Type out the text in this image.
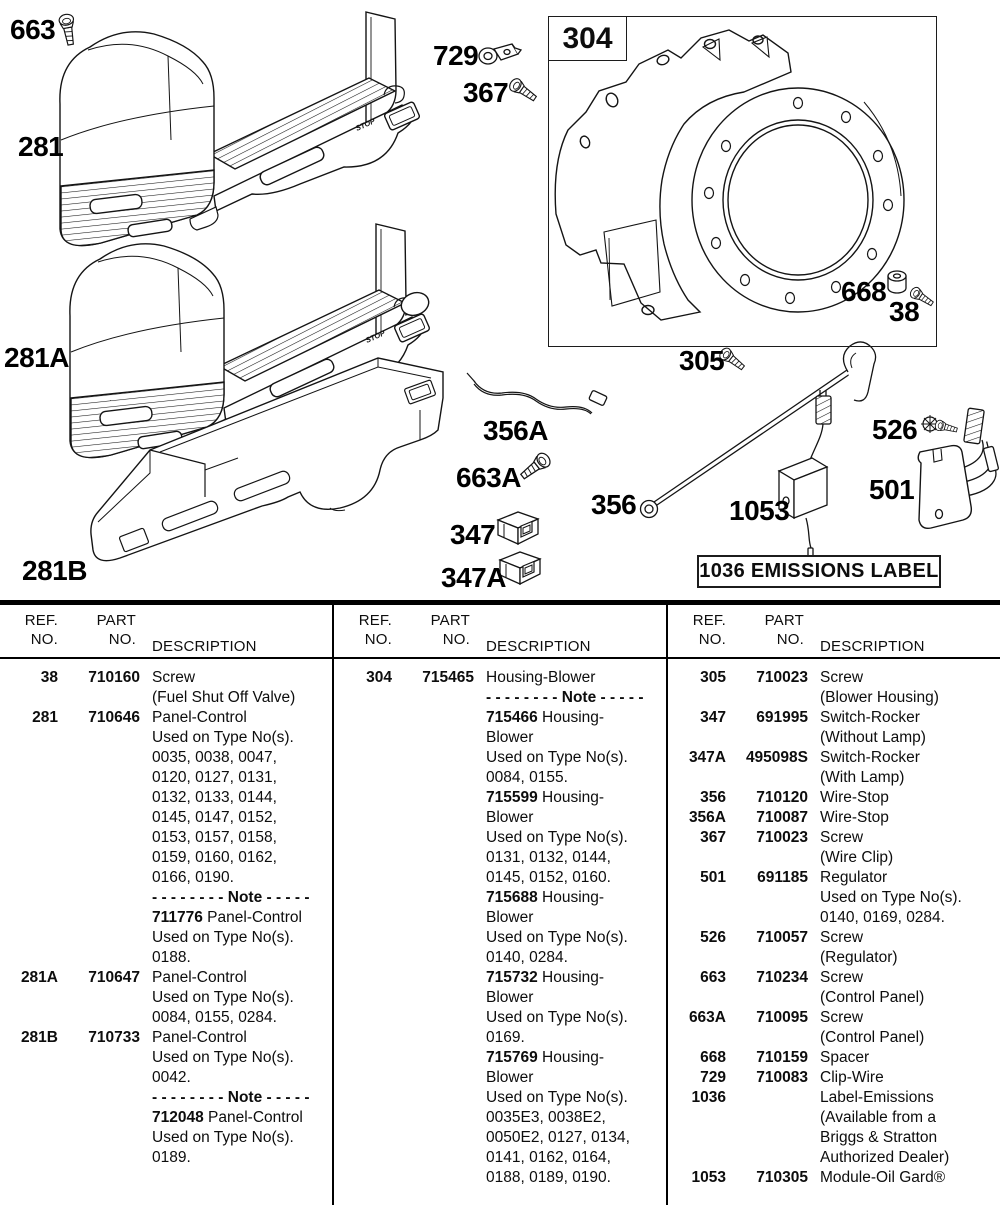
304
1036 EMISSIONS LABEL
663
281
281A
281B
729
367
668
38
305
356A
663A
356	1053
526
501
347
347A
REF.
NO.
PART
NO.	DESCRIPTION
38	710160 Screw
(Fuel Shut Off Valve)
281	710646 Panel-Control
Used on Type No(s).
0035, 0038, 0047,
0120, 0127, 0131,
0132, 0133, 0144,
0145, 0147, 0152,
0153, 0157, 0158,
0159, 0160, 0162,
0166, 0190.
- - - - - - - - Note - - - - -
711776 Panel-Control
Used on Type No(s).
0188.
281A	710647 Panel-Control
Used on Type No(s).
0084, 0155, 0284.
281B	710733 Panel-Control
Used on Type No(s).
0042.
- - - - - - - - Note - - - - -
712048 Panel-Control
Used on Type No(s).
0189.
REF.
NO.
PART
NO.	DESCRIPTION
304	715465 Housing-Blower
- - - - - - - - Note - - - - -
715466 Housing-
Blower
Used on Type No(s).
0084, 0155.
715599 Housing-
Blower
Used on Type No(s).
0131, 0132, 0144,
0145, 0152, 0160.
715688 Housing-
Blower
Used on Type No(s).
0140, 0284.
715732 Housing-
Blower
Used on Type No(s).
0169.
715769 Housing-
Blower
Used on Type No(s).
0035E3, 0038E2,
0050E2, 0127, 0134,
0141, 0162, 0164,
0188, 0189, 0190.
REF.
NO.
PART
NO.	DESCRIPTION
305	710023 Screw
(Blower Housing)
347	691995 Switch-Rocker
(Without Lamp)
347A	495098S Switch-Rocker
(With Lamp)
356	710120 Wire-Stop
356A	710087 Wire-Stop
367	710023 Screw
(Wire Clip)
501	691185 Regulator
Used on Type No(s).
0140, 0169, 0284.
526	710057 Screw
(Regulator)
663	710234 Screw
(Control Panel)
663A	710095 Screw
(Control Panel)
668	710159 Spacer
729	710083 Clip-Wire
1036	Label-Emissions
(Available from a
Briggs & Stratton
Authorized Dealer)
1053	710305 Module-Oil Gard®
